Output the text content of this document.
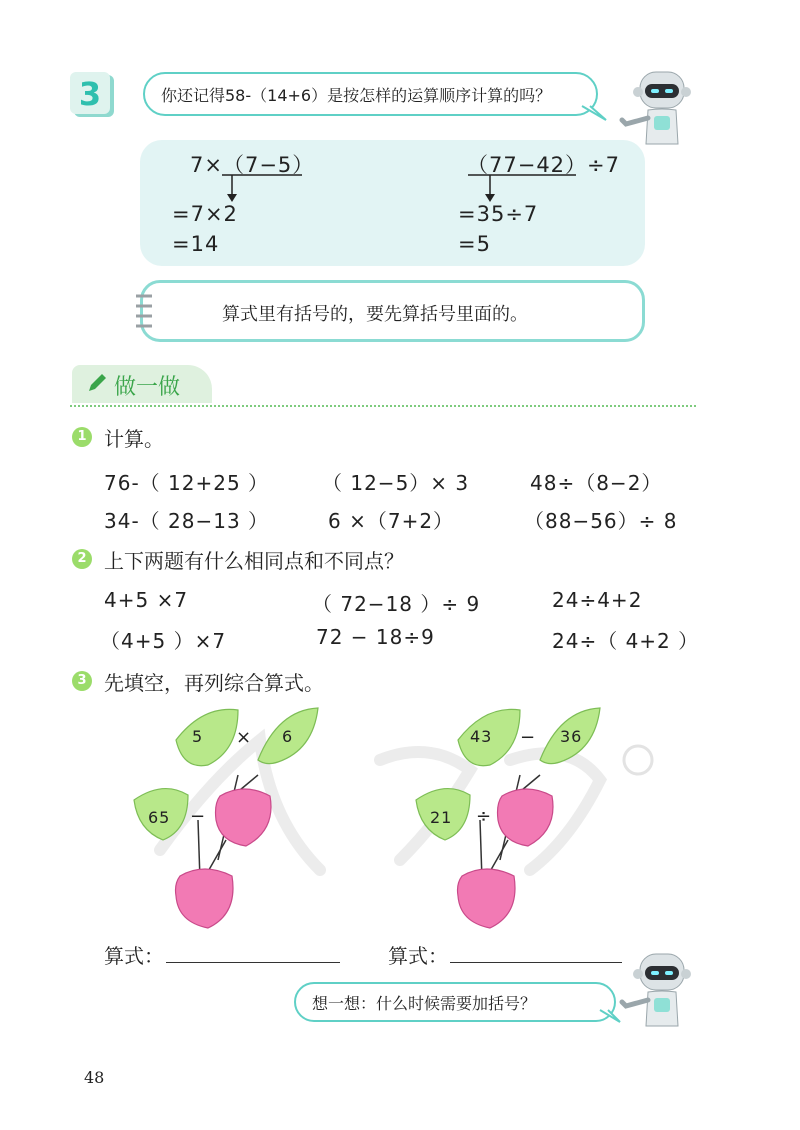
3	你还记得58-（14+6）是按怎样的运算顺序计算的吗？
7×（7−5）
=7×2
=14
（77−42）÷7
=35÷7
=5
算式里有括号的，要先算括号里面的。
做一做
1 计算。
76-（ 12+25 ）	（ 12−5）× 3	48÷（8−2）
34-（ 28−13 ）	6 ×（7+2）	（88−56）÷ 8
2 上下两题有什么相同点和不同点？
4+5 ×7	（ 72−18 ）÷ 9	24÷4+2
（4+5 ）×7	72 − 18÷9	24÷（ 4+2 ）
3 先填空，再列综合算式。
5 × 6
65 −
43 − 36
21 ÷
算式：	算式：
想一想：什么时候需要加括号？
48
